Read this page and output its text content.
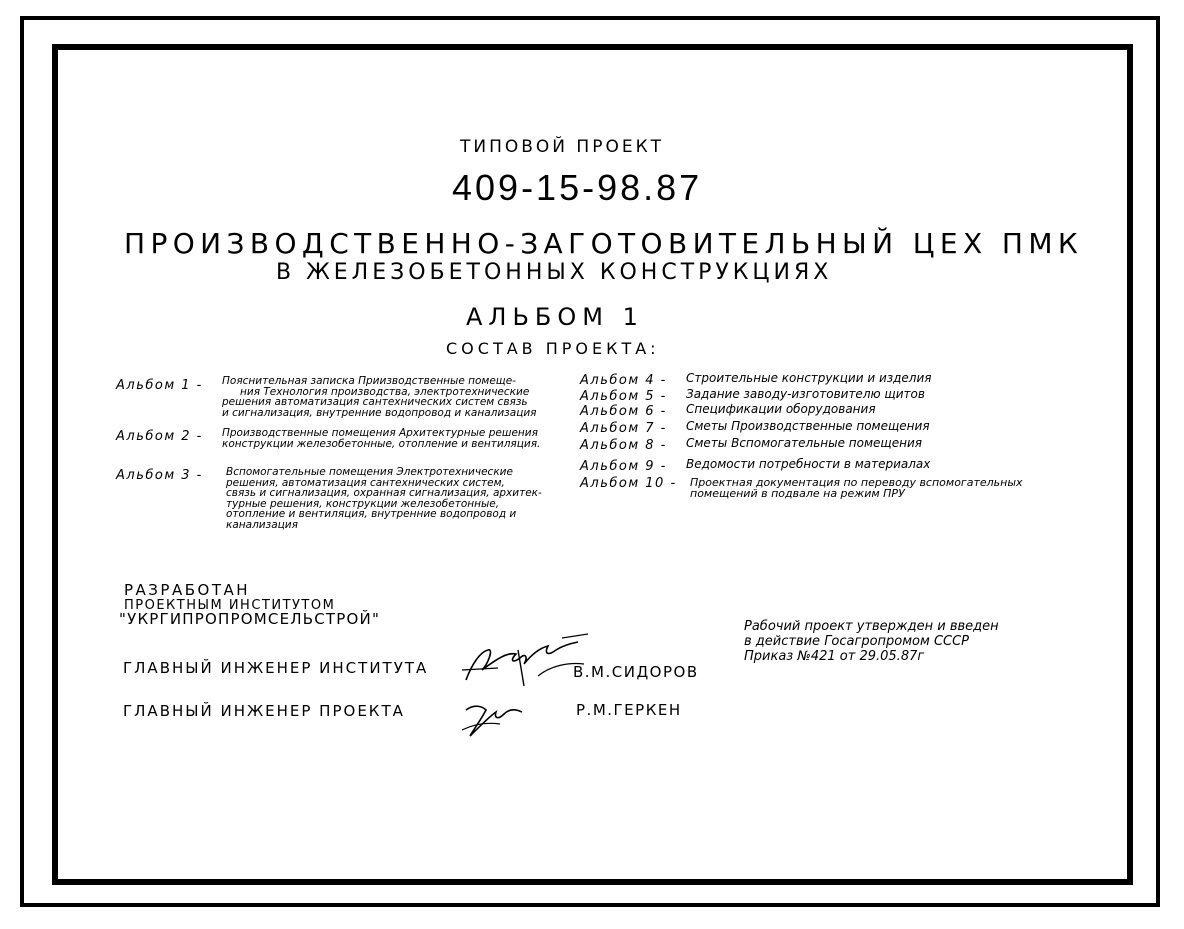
ТИПОВОЙ ПРОЕКТ
409-15-98.87
ПРОИЗВОДСТВЕННО-ЗАГОТОВИТЕЛЬНЫЙ ЦЕХ ПМК
В ЖЕЛЕЗОБЕТОННЫХ КОНСТРУКЦИЯХ
АЛЬБОМ 1
СОСТАВ ПРОЕКТА:
Альбом 1 - Пояснительная записка Приизводственные помеще-
ния Технология производства, электротехнические
решения автоматизация сантехнических систем связь
и сигнализация, внутренние водопровод и канализация
Альбом 2 - Производственные помещения Архитектурные решения
конструкции железобетонные, отопление и вентиляция.
Альбом 3 - Вспомогательные помещения Электротехнические
решения, автоматизация сантехнических систем,
связь и сигнализация, охранная сигнализация, архитек-
турные решения, конструкции железобетонные,
отопление и вентиляция, внутренние водопровод и
канализация
Альбом 4 - Строительные конструкции и изделия
Альбом 5 - Задание заводу-изготовителю щитов
Альбом 6 - Спецификации оборудования
Альбом 7 - Сметы Производственные помещения
Альбом 8 - Сметы Вспомогательные помещения
Альбом 9 - Ведомости потребности в материалах
Альбом 10 - Проектная документация по переводу вспомогательных
помещений в подвале на режим ПРУ
РАЗРАБОТАН
ПРОЕКТНЫМ ИНСТИТУТОМ
"УКРГИПРОПРОМСЕЛЬСТРОЙ"	Рабочий проект утвержден и введен
в действие Госагропромом СССР
Приказ №421 от 29.05.87г
ГЛАВНЫЙ ИНЖЕНЕР ИНСТИТУТА	В.М.СИДОРОВ
ГЛАВНЫЙ ИНЖЕНЕР ПРОЕКТА	Р.М.ГЕРКЕН
